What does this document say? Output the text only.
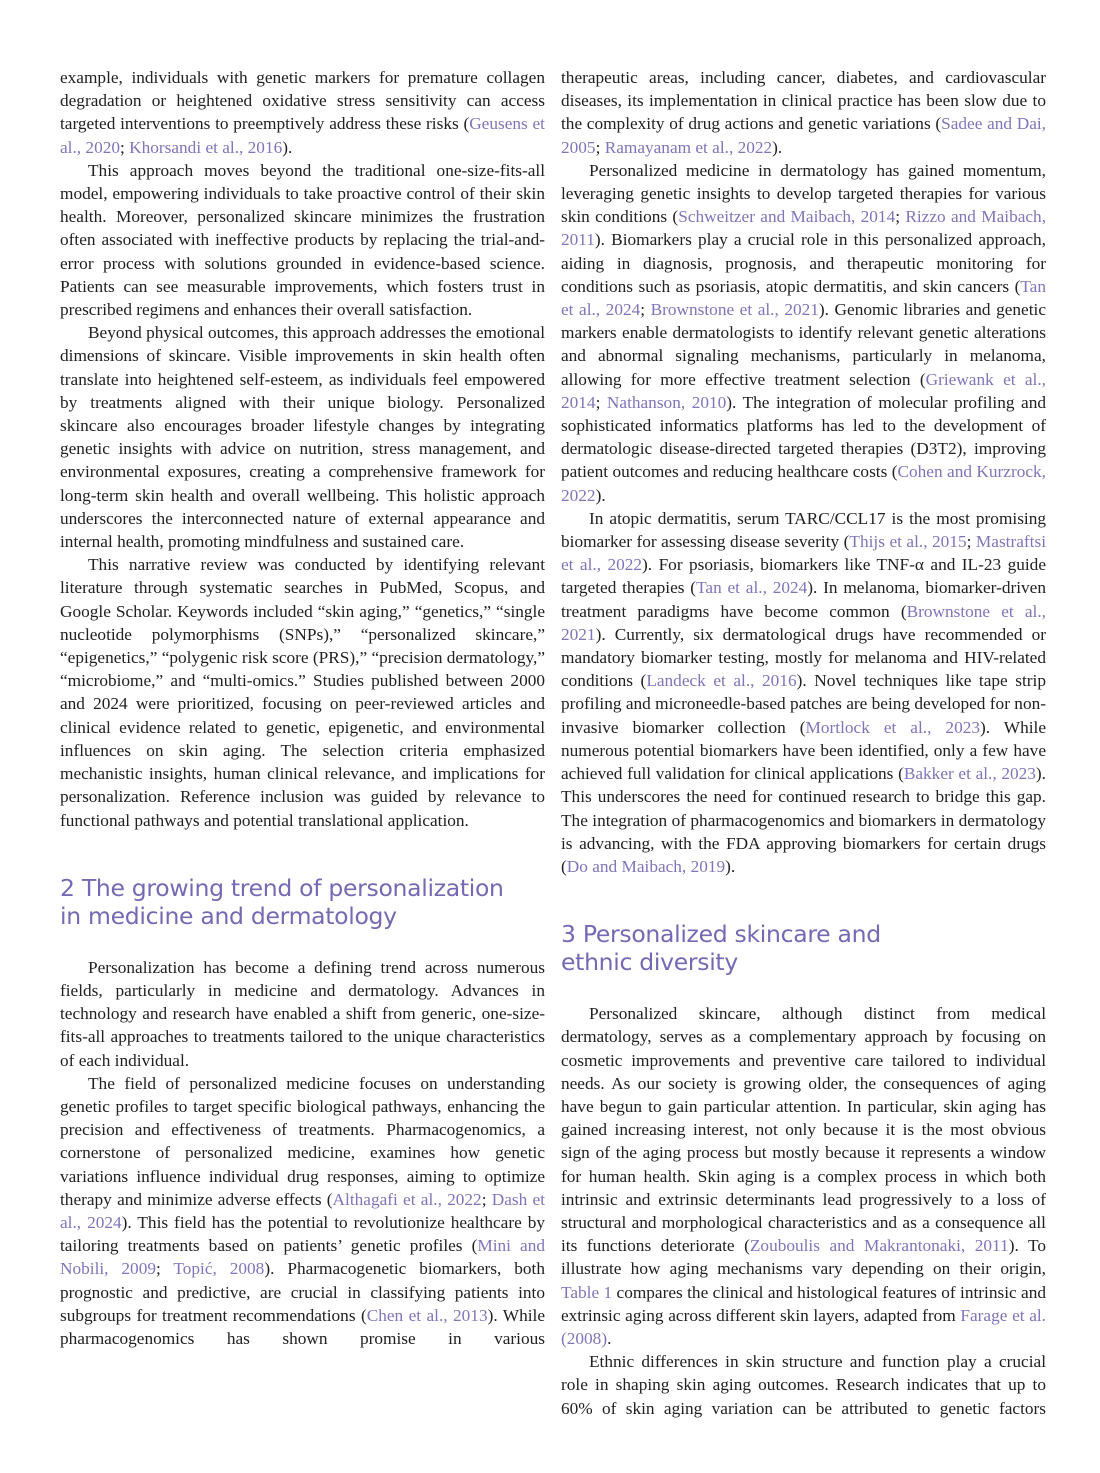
example, individuals with genetic markers for premature collagen degradation or heightened oxidative stress sensitivity can access targeted interventions to preemptively address these risks (Geusens et al., 2020; Khorsandi et al., 2016).

This approach moves beyond the traditional one-size-fits-all model, empowering individuals to take proactive control of their skin health. Moreover, personalized skincare minimizes the frustration often associated with ineffective products by replacing the trial-and-error process with solutions grounded in evidence-based science. Patients can see measurable improvements, which fosters trust in prescribed regimens and enhances their overall satisfaction.

Beyond physical outcomes, this approach addresses the emotional dimensions of skincare. Visible improvements in skin health often translate into heightened self-esteem, as individuals feel empowered by treatments aligned with their unique biology. Personalized skincare also encourages broader lifestyle changes by integrating genetic insights with advice on nutrition, stress management, and environmental exposures, creating a comprehensive framework for long-term skin health and overall wellbeing. This holistic approach underscores the interconnected nature of external appearance and internal health, promoting mindfulness and sustained care.

This narrative review was conducted by identifying relevant literature through systematic searches in PubMed, Scopus, and Google Scholar. Keywords included “skin aging,” “genetics,” “single nucleotide polymorphisms (SNPs),” “personalized skincare,” “epigenetics,” “polygenic risk score (PRS),” “precision dermatology,” “microbiome,” and “multi-omics.” Studies published between 2000 and 2024 were prioritized, focusing on peer-reviewed articles and clinical evidence related to genetic, epigenetic, and environmental influences on skin aging. The selection criteria emphasized mechanistic insights, human clinical relevance, and implications for personalization. Reference inclusion was guided by relevance to functional pathways and potential translational application.

2 The growing trend of personalization
in medicine and dermatology

Personalization has become a defining trend across numerous fields, particularly in medicine and dermatology. Advances in technology and research have enabled a shift from generic, one-size-fits-all approaches to treatments tailored to the unique characteristics of each individual.

The field of personalized medicine focuses on understanding genetic profiles to target specific biological pathways, enhancing the precision and effectiveness of treatments. Pharmacogenomics, a cornerstone of personalized medicine, examines how genetic variations influence individual drug responses, aiming to optimize therapy and minimize adverse effects (Althagafi et al., 2022; Dash et al., 2024). This field has the potential to revolutionize healthcare by tailoring treatments based on patients’ genetic profiles (Mini and Nobili, 2009; Topić, 2008). Pharmacogenetic biomarkers, both prognostic and predictive, are crucial in classifying patients into subgroups for treatment recommendations (Chen et al., 2013). While pharmacogenomics has shown promise in various

therapeutic areas, including cancer, diabetes, and cardiovascular diseases, its implementation in clinical practice has been slow due to the complexity of drug actions and genetic variations (Sadee and Dai, 2005; Ramayanam et al., 2022).

Personalized medicine in dermatology has gained momentum, leveraging genetic insights to develop targeted therapies for various skin conditions (Schweitzer and Maibach, 2014; Rizzo and Maibach, 2011). Biomarkers play a crucial role in this personalized approach, aiding in diagnosis, prognosis, and therapeutic monitoring for conditions such as psoriasis, atopic dermatitis, and skin cancers (Tan et al., 2024; Brownstone et al., 2021). Genomic libraries and genetic markers enable dermatologists to identify relevant genetic alterations and abnormal signaling mechanisms, particularly in melanoma, allowing for more effective treatment selection (Griewank et al., 2014; Nathanson, 2010). The integration of molecular profiling and sophisticated informatics platforms has led to the development of dermatologic disease-directed targeted therapies (D3T2), improving patient outcomes and reducing healthcare costs (Cohen and Kurzrock, 2022).

In atopic dermatitis, serum TARC/CCL17 is the most promising biomarker for assessing disease severity (Thijs et al., 2015; Mastraftsi et al., 2022). For psoriasis, biomarkers like TNF-α and IL-23 guide targeted therapies (Tan et al., 2024). In melanoma, biomarker-driven treatment paradigms have become common (Brownstone et al., 2021). Currently, six dermatological drugs have recommended or mandatory biomarker testing, mostly for melanoma and HIV-related conditions (Landeck et al., 2016). Novel techniques like tape strip profiling and microneedle-based patches are being developed for non-invasive biomarker collection (Mortlock et al., 2023). While numerous potential biomarkers have been identified, only a few have achieved full validation for clinical applications (Bakker et al., 2023). This underscores the need for continued research to bridge this gap. The integration of pharmacogenomics and biomarkers in dermatology is advancing, with the FDA approving biomarkers for certain drugs (Do and Maibach, 2019).

3 Personalized skincare and
ethnic diversity

Personalized skincare, although distinct from medical dermatology, serves as a complementary approach by focusing on cosmetic improvements and preventive care tailored to individual needs. As our society is growing older, the consequences of aging have begun to gain particular attention. In particular, skin aging has gained increasing interest, not only because it is the most obvious sign of the aging process but mostly because it represents a window for human health. Skin aging is a complex process in which both intrinsic and extrinsic determinants lead progressively to a loss of structural and morphological characteristics and as a consequence all its functions deteriorate (Zouboulis and Makrantonaki, 2011). To illustrate how aging mechanisms vary depending on their origin, Table 1 compares the clinical and histological features of intrinsic and extrinsic aging across different skin layers, adapted from Farage et al. (2008).

Ethnic differences in skin structure and function play a crucial role in shaping skin aging outcomes. Research indicates that up to 60% of skin aging variation can be attributed to genetic factors
